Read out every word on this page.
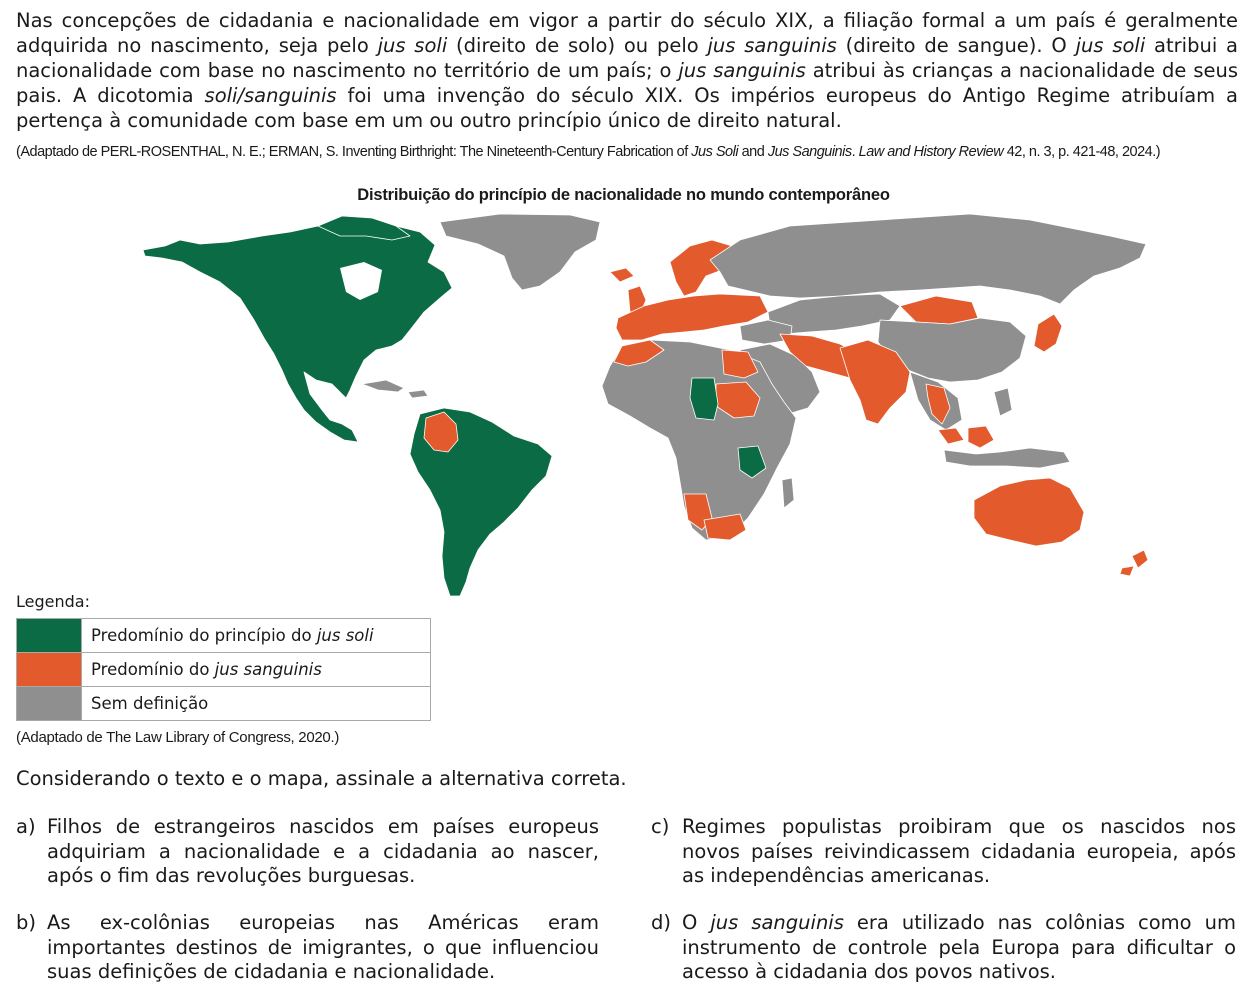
Nas concepções de cidadania e nacionalidade em vigor a partir do século XIX, a filiação formal a um país é geralmente adquirida no nascimento, seja pelo jus soli (direito de solo) ou pelo jus sanguinis (direito de sangue). O jus soli atribui a nacionalidade com base no nascimento no território de um país; o jus sanguinis atribui às crianças a nacionalidade de seus pais. A dicotomia soli/sanguinis foi uma invenção do século XIX. Os impérios europeus do Antigo Regime atribuíam a pertença à comunidade com base em um ou outro princípio único de direito natural.

(Adaptado de PERL-ROSENTHAL, N. E.; ERMAN, S. Inventing Birthright: The Nineteenth-Century Fabrication of Jus Soli and Jus Sanguinis. Law and History Review 42, n. 3, p. 421-48, 2024.)
Distribuição do princípio de nacionalidade no mundo contemporâneo
Legenda:
	Predomínio do princípio do jus soli
	Predomínio do jus sanguinis
	Sem definição
(Adaptado de The Law Library of Congress, 2020.)
Considerando o texto e o mapa, assinale a alternativa correta.
a) Filhos de estrangeiros nascidos em países europeus adquiriam a nacionalidade e a cidadania ao nascer, após o fim das revoluções burguesas.
b) As ex-colônias europeias nas Américas eram importantes destinos de imigrantes, o que influenciou suas definições de cidadania e nacionalidade.
c) Regimes populistas proibiram que os nascidos nos novos países reivindicassem cidadania europeia, após as independências americanas.
d) O jus sanguinis era utilizado nas colônias como um instrumento de controle pela Europa para dificultar o acesso à cidadania dos povos nativos.
